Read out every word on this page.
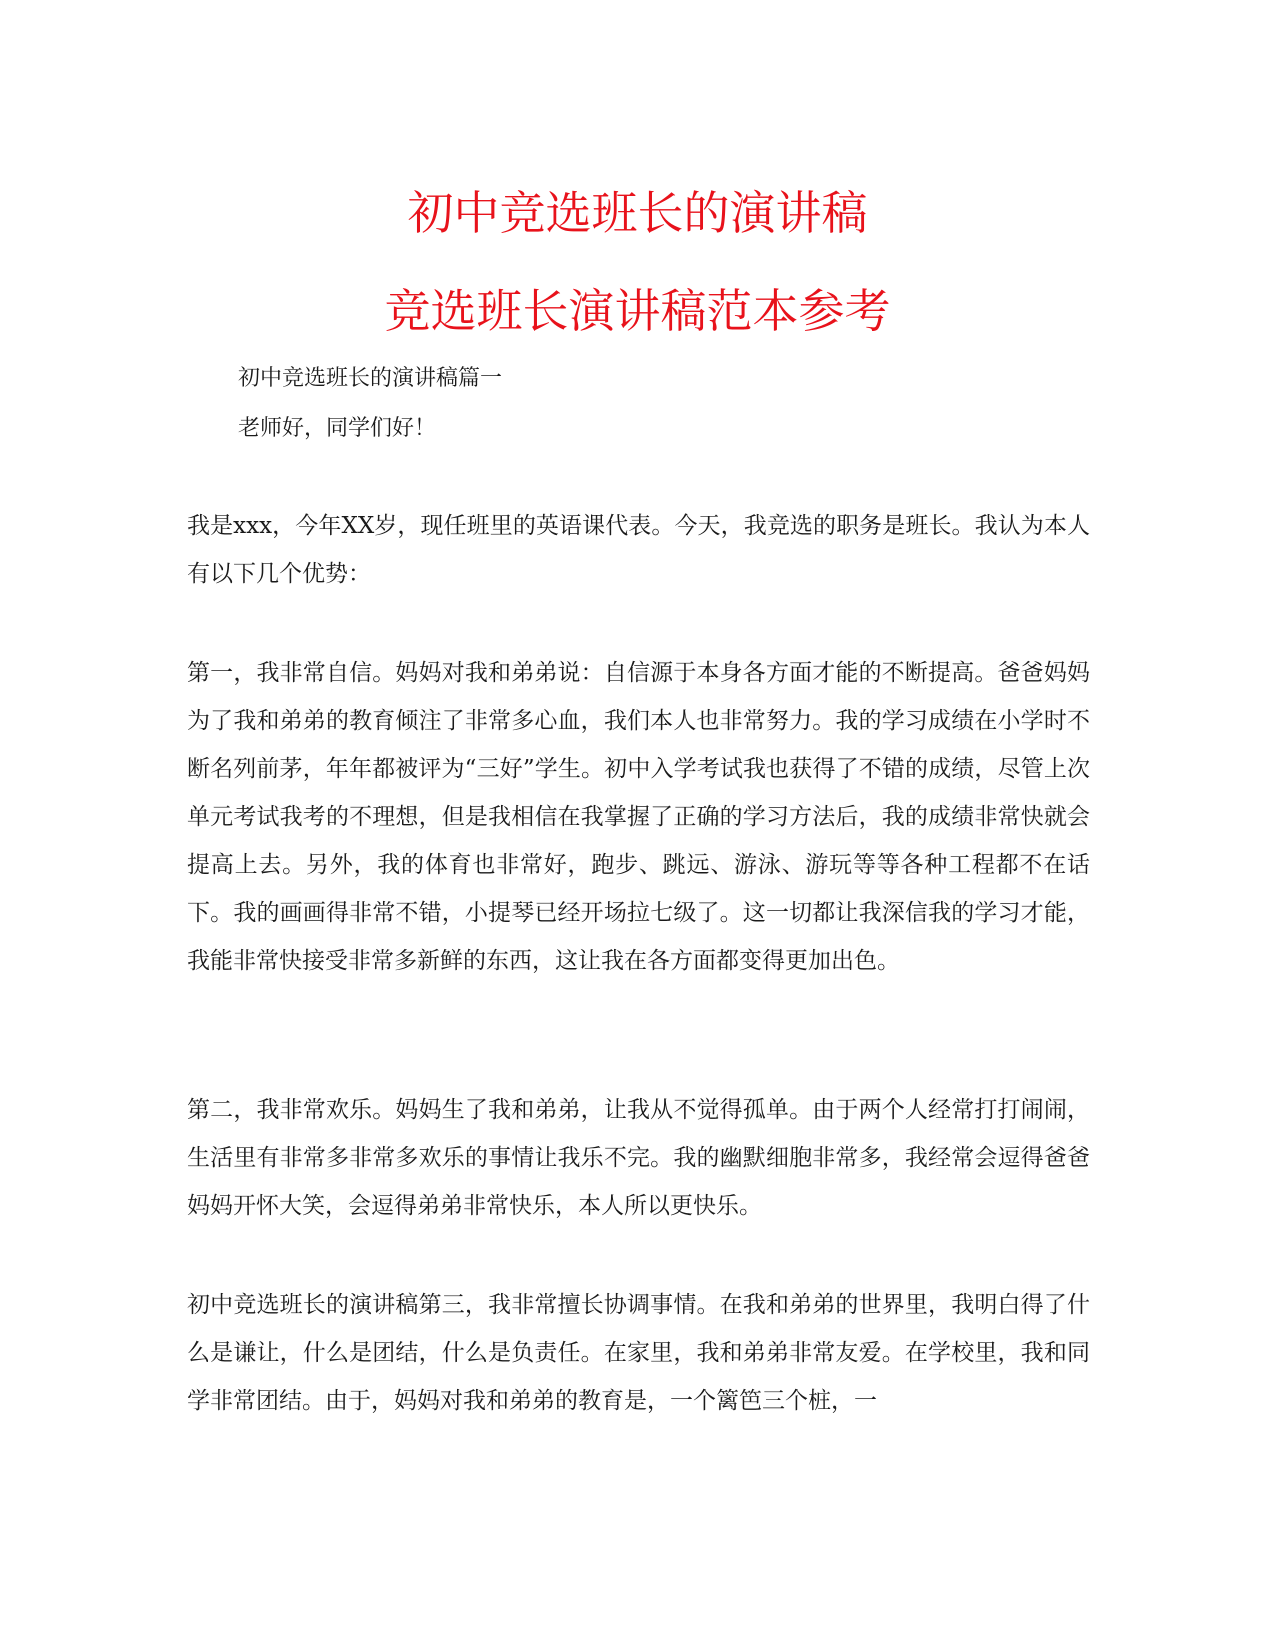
初中竞选班长的演讲稿
竞选班长演讲稿范本参考

初中竞选班长的演讲稿篇一

老师好，同学们好！

我是xxx，今年XX岁，现任班里的英语课代表。今天，我竞选的职务是班长。我认为本人有以下几个优势：

第一，我非常自信。妈妈对我和弟弟说：自信源于本身各方面才能的不断提高。爸爸妈妈为了我和弟弟的教育倾注了非常多心血，我们本人也非常努力。我的学习成绩在小学时不断名列前茅，年年都被评为“三好”学生。初中入学考试我也获得了不错的成绩，尽管上次单元考试我考的不理想，但是我相信在我掌握了正确的学习方法后，我的成绩非常快就会提高上去。另外，我的体育也非常好，跑步、跳远、游泳、游玩等等各种工程都不在话下。我的画画得非常不错，小提琴已经开场拉七级了。这一切都让我深信我的学习才能，我能非常快接受非常多新鲜的东西，这让我在各方面都变得更加出色。

第二，我非常欢乐。妈妈生了我和弟弟，让我从不觉得孤单。由于两个人经常打打闹闹，生活里有非常多非常多欢乐的事情让我乐不完。我的幽默细胞非常多，我经常会逗得爸爸妈妈开怀大笑，会逗得弟弟非常快乐，本人所以更快乐。

初中竞选班长的演讲稿第三，我非常擅长协调事情。在我和弟弟的世界里，我明白得了什么是谦让，什么是团结，什么是负责任。在家里，我和弟弟非常友爱。在学校里，我和同学非常团结。由于，妈妈对我和弟弟的教育是，一个篱笆三个桩，一
